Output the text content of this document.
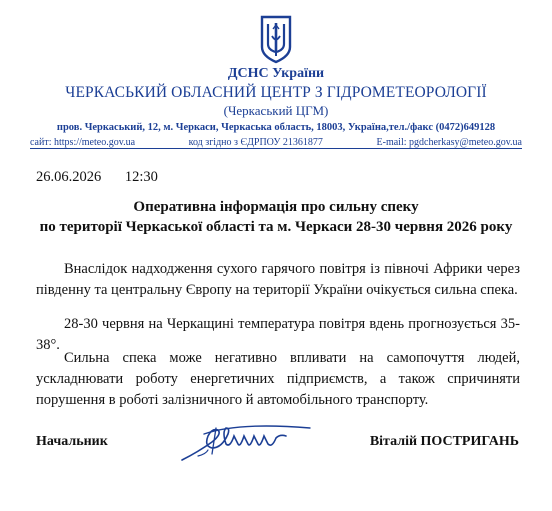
ДСНС України
ЧЕРКАСЬКИЙ ОБЛАСНИЙ ЦЕНТР З ГІДРОМЕТЕОРОЛОГІЇ
(Черкаський ЦГМ)
пров. Черкаський, 12, м. Черкаси, Черкаська область, 18003, Україна,тел./факс (0472)649128
сайт: https://meteo.gov.ua	код згідно з ЄДРПОУ 21361877	E-mail: pgdcherkasy@meteo.gov.ua
26.06.2026 12:30
Оперативна інформація про сильну спеку
по території Черкаської області та м. Черкаси 28-30 червня 2026 року
Внаслідок надходження сухого гарячого повітря із півночі Африки через південну та центральну Європу на території України очікується сильна спека.
28-30 червня на Черкащині температура повітря вдень прогнозується 35-38°.
Сильна спека може негативно впливати на самопочуття людей, ускладнювати роботу енергетичних підприємств, а також спричиняти порушення в роботі залізничного й автомобільного транспорту.
Начальник	Віталій ПОСТРИГАНЬ
